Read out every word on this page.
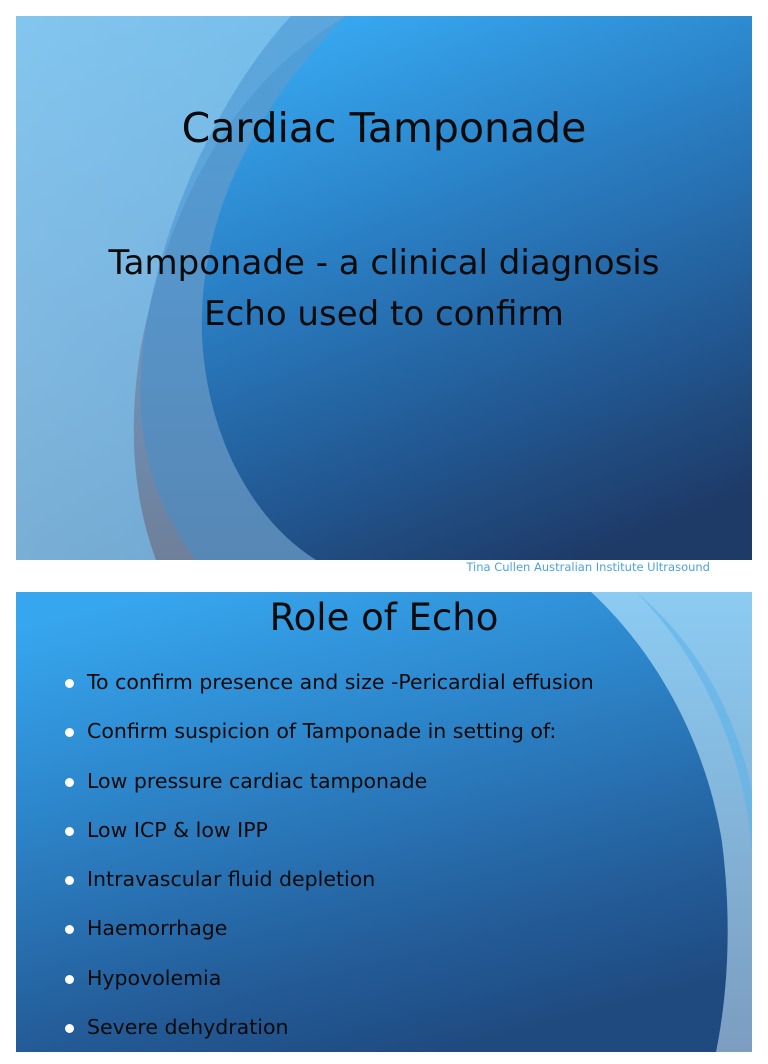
Cardiac Tamponade
Tamponade - a clinical diagnosis
Echo used to confirm
Tina Cullen Australian Institute Ultrasound
Role of Echo
To confirm presence and size -Pericardial effusion
Confirm suspicion of Tamponade in setting of:
Low pressure cardiac tamponade
Low ICP & low IPP
Intravascular fluid depletion
Haemorrhage
Hypovolemia
Severe dehydration
